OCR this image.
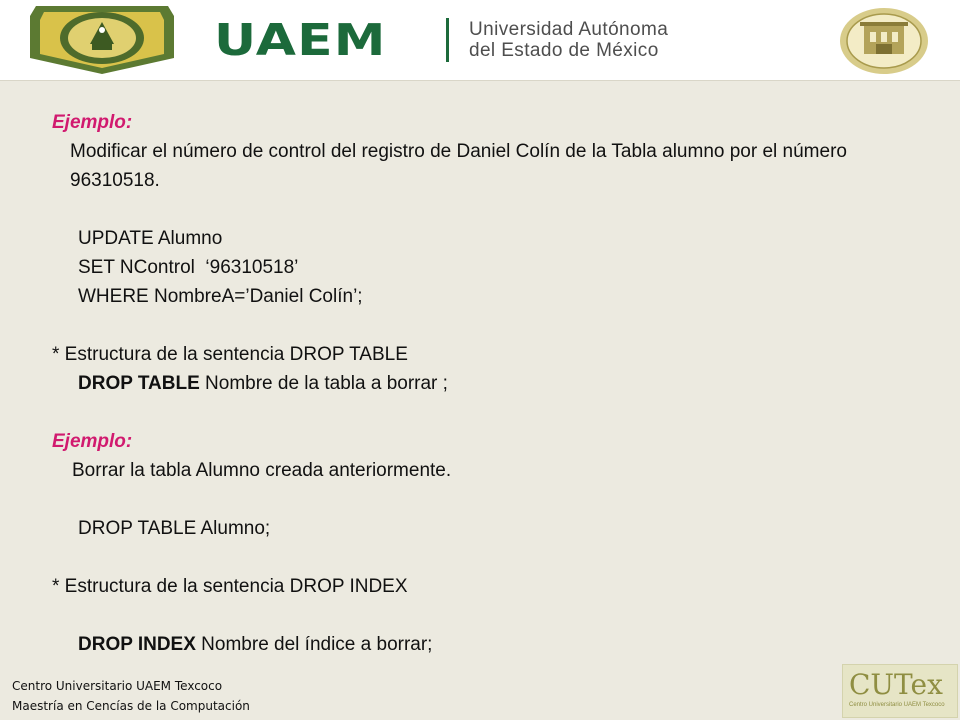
UAEM	Universidad Autónoma
del Estado de México
Ejemplo:
Modificar el número de control del registro de Daniel Colín de la Tabla alumno por el número 96310518.
UPDATE Alumno
SET NControl  ‘96310518’
WHERE NombreA=’Daniel Colín’;
* Estructura de la sentencia DROP TABLE
DROP TABLE Nombre de la tabla a borrar ;
Ejemplo:
Borrar la tabla Alumno creada anteriormente.
DROP TABLE Alumno;
* Estructura de la sentencia DROP INDEX
DROP INDEX Nombre del índice a borrar;
Centro Universitario UAEM Texcoco
Maestría en Cencías de la Computación
CUTex
Centro Universitario UAEM Texcoco
